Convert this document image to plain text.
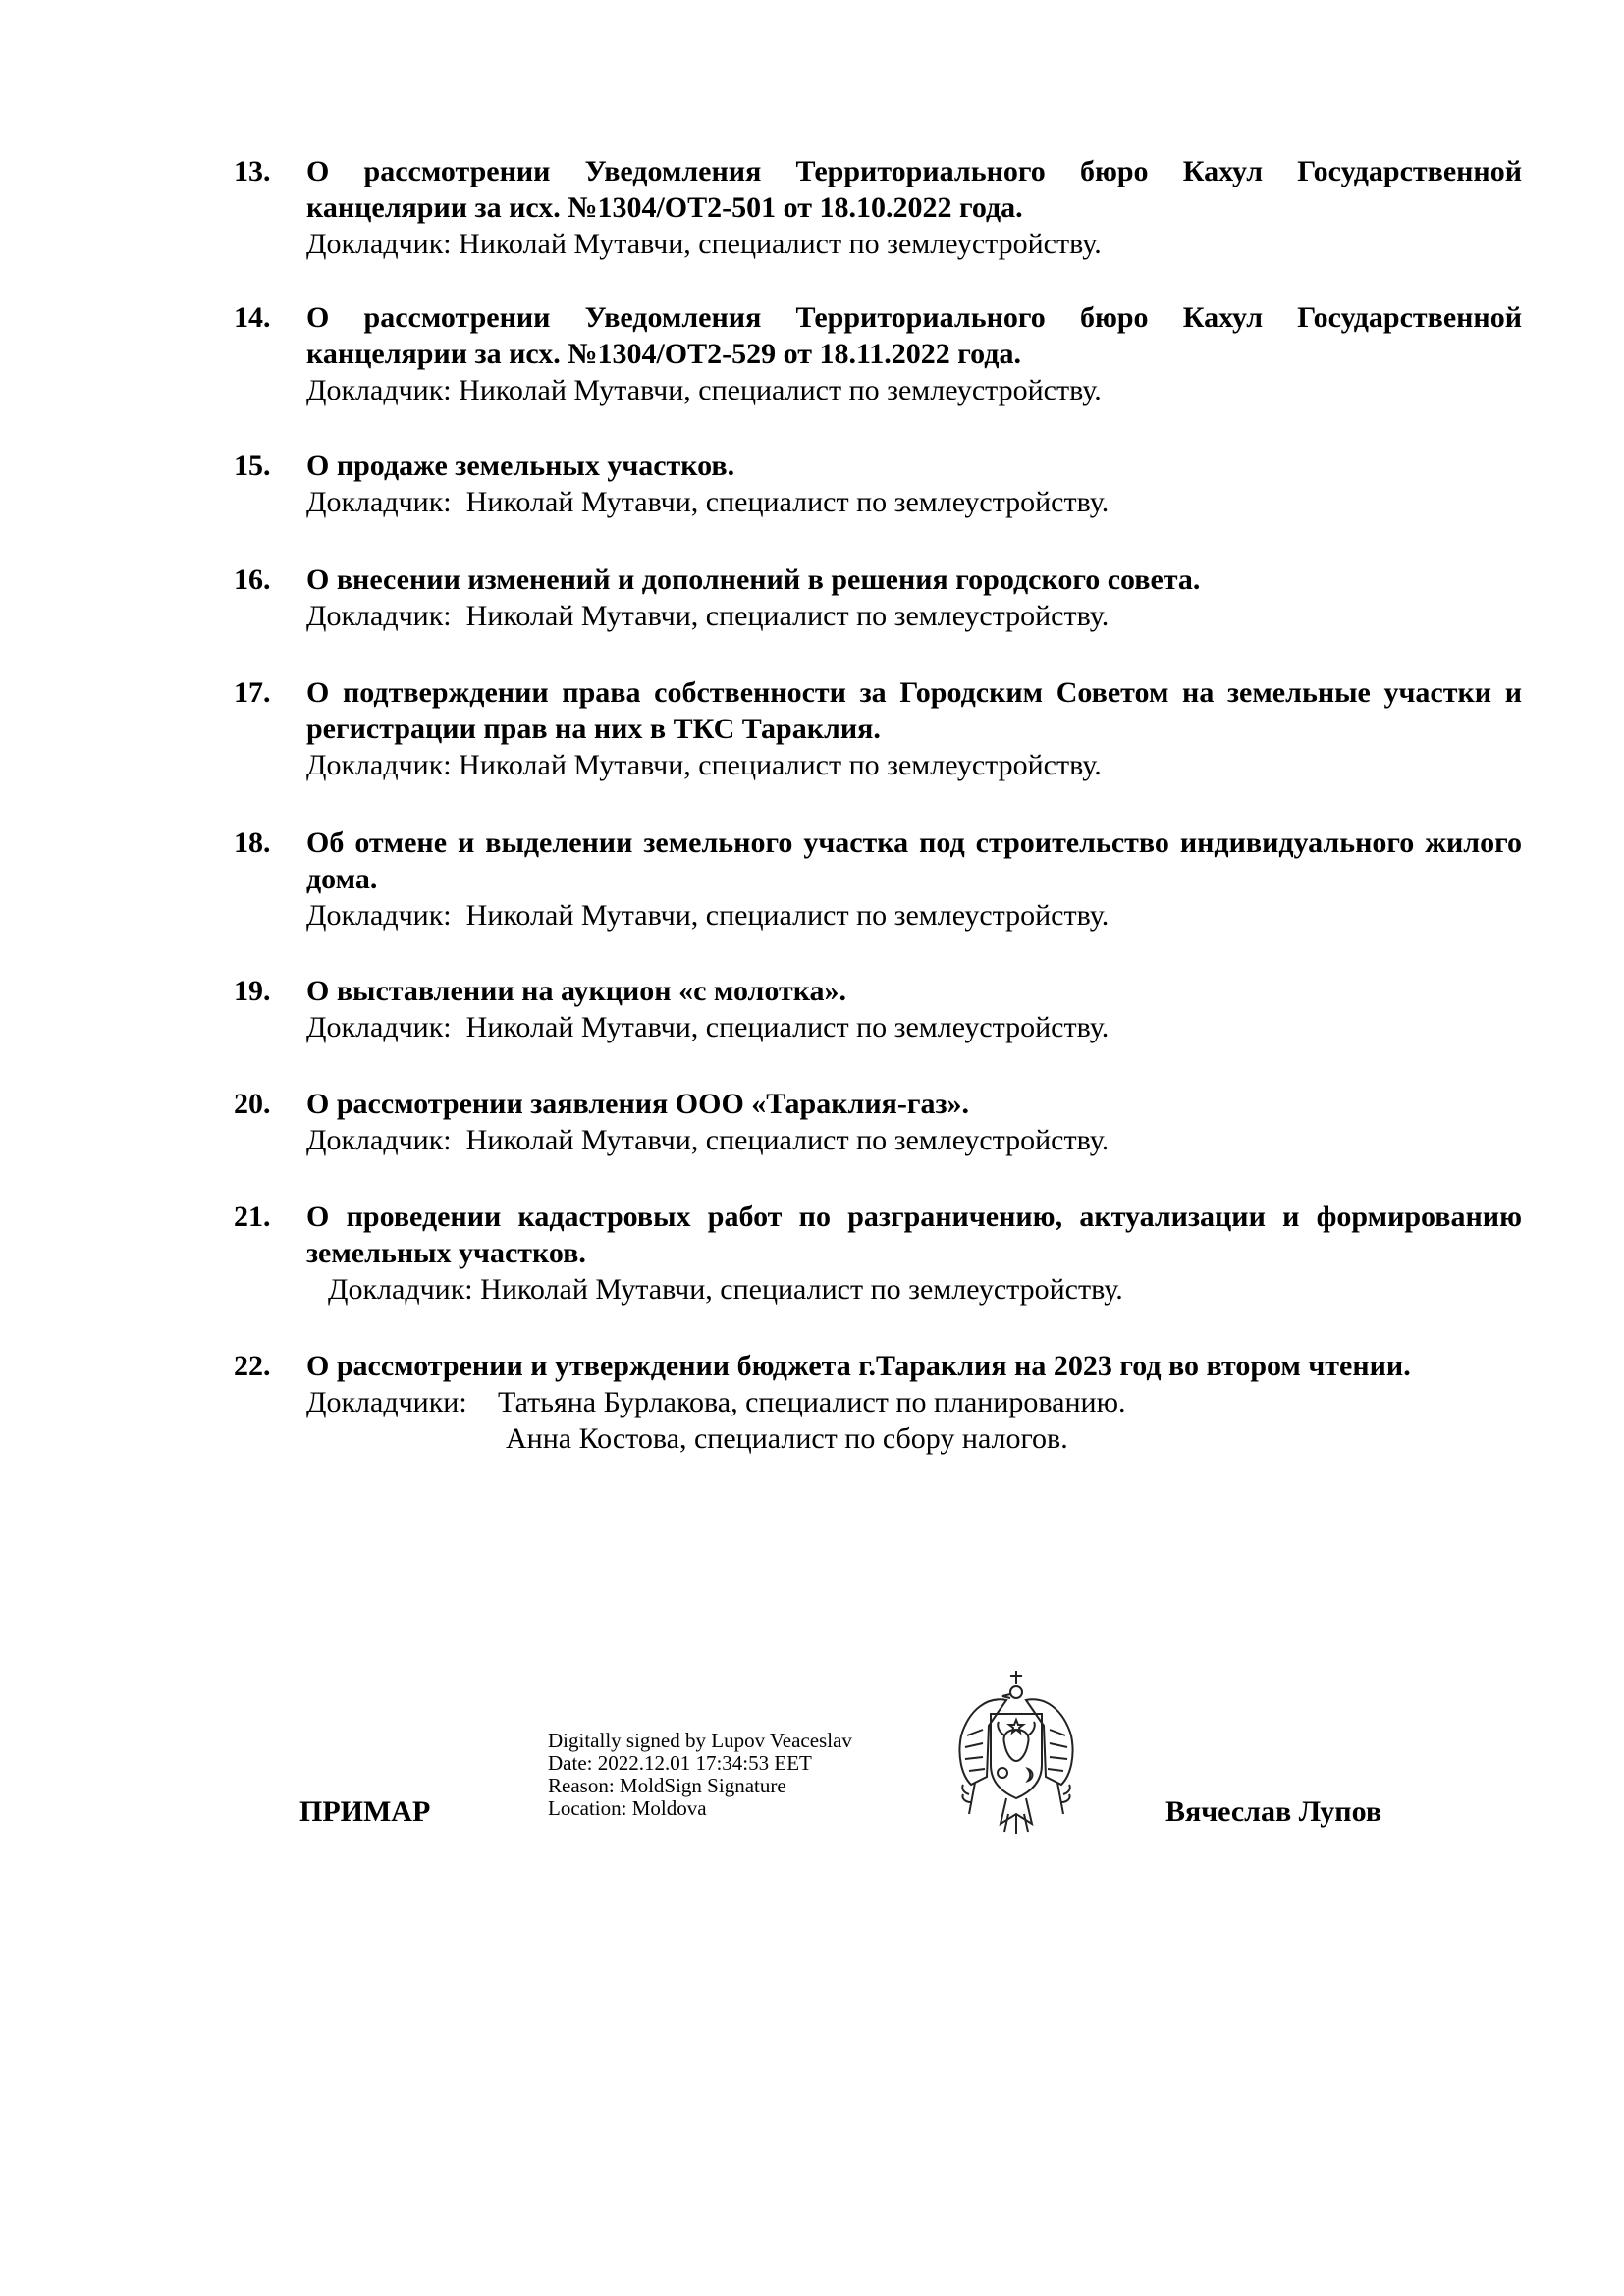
13. О рассмотрении Уведомления Территориального бюро Кахул Государственной канцелярии за исх. №1304/ОТ2-501 от 18.10.2022 года.
Докладчик: Николай Мутавчи, специалист по землеустройству.
14. О рассмотрении Уведомления Территориального бюро Кахул Государственной канцелярии за исх. №1304/ОТ2-529 от 18.11.2022 года.
Докладчик: Николай Мутавчи, специалист по землеустройству.
15. О продаже земельных участков.
Докладчик: Николай Мутавчи, специалист по землеустройству.
16. О внесении изменений и дополнений в решения городского совета.
Докладчик: Николай Мутавчи, специалист по землеустройству.
17. О подтверждении права собственности за Городским Советом на земельные участки и регистрации прав на них в ТКС Тараклия.
Докладчик: Николай Мутавчи, специалист по землеустройству.
18. Об отмене и выделении земельного участка под строительство индивидуального жилого дома.
Докладчик: Николай Мутавчи, специалист по землеустройству.
19. О выставлении на аукцион «с молотка».
Докладчик: Николай Мутавчи, специалист по землеустройству.
20. О рассмотрении заявления ООО «Тараклия-газ».
Докладчик: Николай Мутавчи, специалист по землеустройству.
21. О проведении кадастровых работ по разграничению, актуализации и формированию земельных участков.
Докладчик: Николай Мутавчи, специалист по землеустройству.
22. О рассмотрении и утверждении бюджета г.Тараклия на 2023 год во втором чтении.
Докладчики: Татьяна Бурлакова, специалист по планированию.
Анна Костова, специалист по сбору налогов.
ПРИМАР
Digitally signed by Lupov Veaceslav
Date: 2022.12.01 17:34:53 EET
Reason: MoldSign Signature
Location: Moldova	Вячеслав Лупов
